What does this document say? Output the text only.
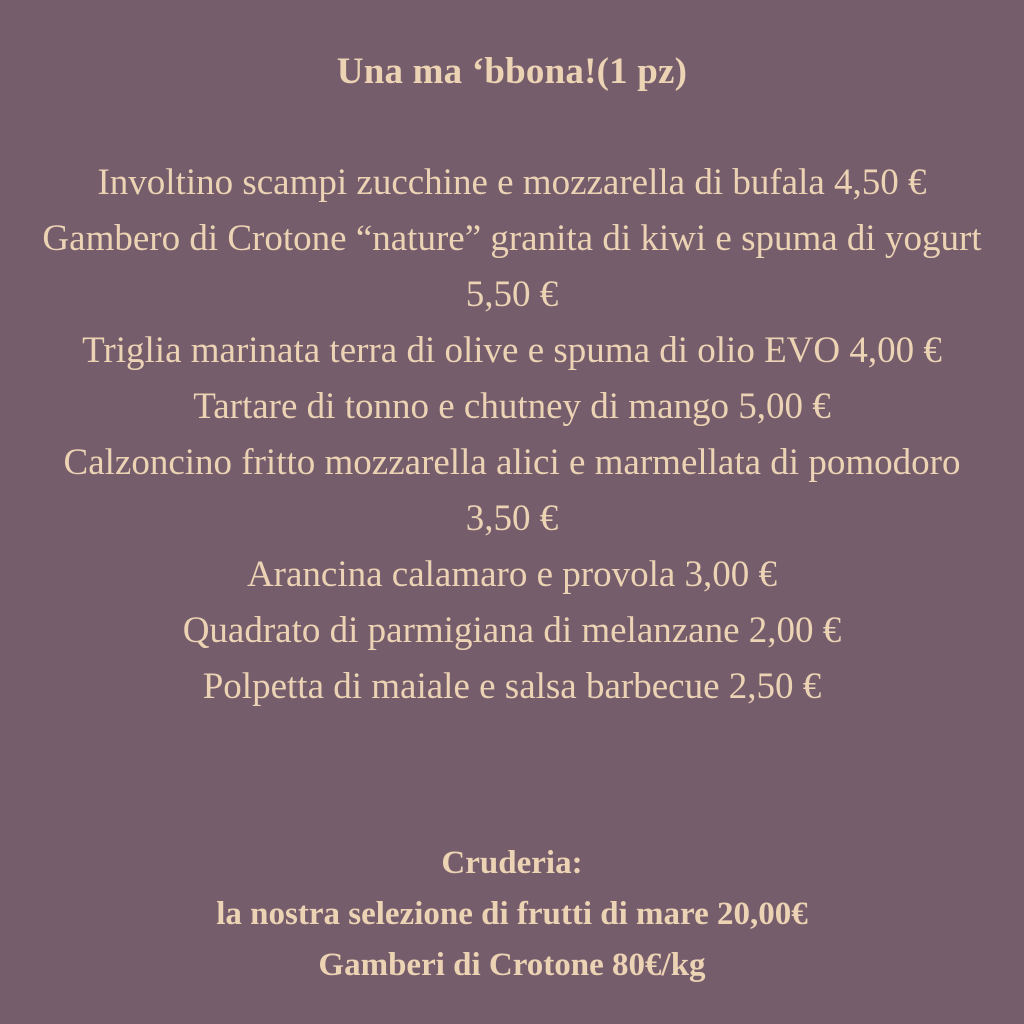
Una ma ‘bbona!(1 pz)
Involtino scampi zucchine e mozzarella di bufala 4,50 €
Gambero di Crotone “nature” granita di kiwi e spuma di yogurt 5,50 €
Triglia marinata terra di olive e spuma di olio EVO 4,00 €
Tartare di tonno e chutney di mango 5,00 €
Calzoncino fritto mozzarella alici e marmellata di pomodoro 3,50 €
Arancina calamaro e provola 3,00 €
Quadrato di parmigiana di melanzane 2,00 €
Polpetta di maiale e salsa barbecue 2,50 €
Cruderia:
la nostra selezione di frutti di mare 20,00€
Gamberi di Crotone 80€/kg
